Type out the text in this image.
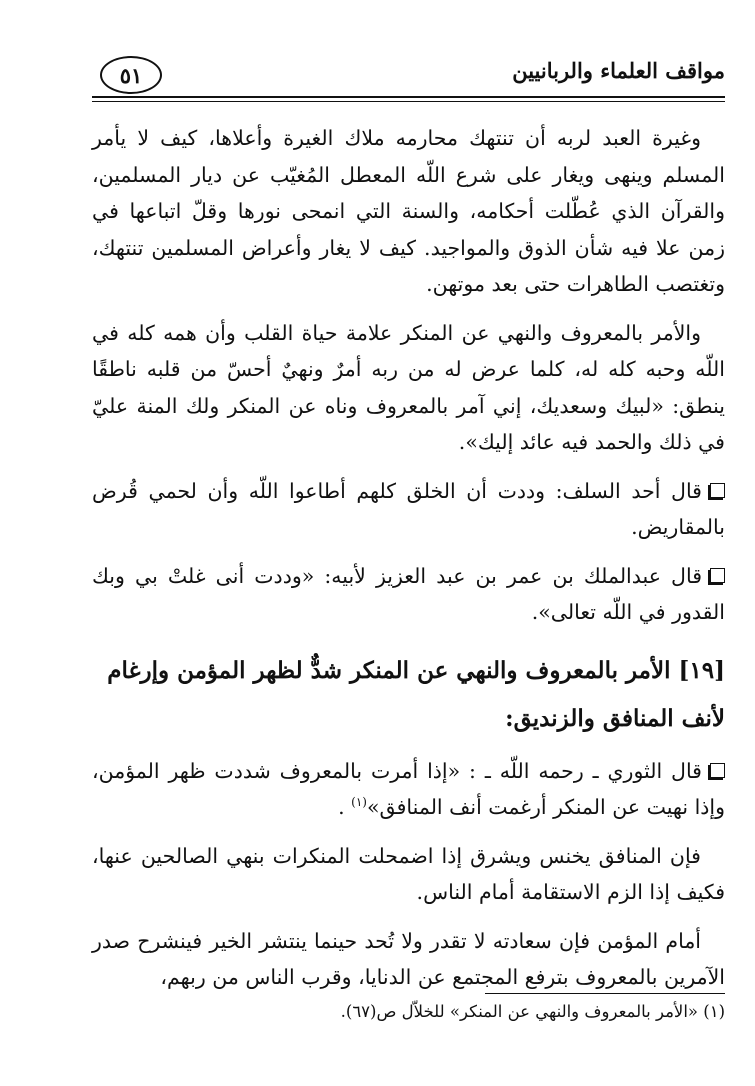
مواقف العلماء والربانيين
٥١

وغيرة العبد لربه أن تنتهك محارمه ملاك الغيرة وأعلاها، كيف لا يأمر المسلم وينهى ويغار على شرع اللّه المعطل المُغيّب عن ديار المسلمين، والقرآن الذي عُطّلت أحكامه، والسنة التي انمحى نورها وقلّ اتباعها في زمن علا فيه شأن الذوق والمواجيد. كيف لا يغار وأعراض المسلمين تنتهك، وتغتصب الطاهرات حتى بعد موتهن.

والأمر بالمعروف والنهي عن المنكر علامة حياة القلب وأن همه كله في اللّه وحبه كله له، كلما عرض له من ربه أمرٌ ونهيٌ أحسّ من قلبه ناطقًا ينطق: «لبيك وسعديك، إني آمر بالمعروف وناه عن المنكر ولك المنة عليّ في ذلك والحمد فيه عائد إليك».

قال أحد السلف: وددت أن الخلق كلهم أطاعوا اللّه وأن لحمي قُرض بالمقاريض.

قال عبدالملك بن عمر بن عبد العزيز لأبيه: «وددت أنى غلتْ بي وبك القدور في اللّه تعالى».

[١٩] الأمر بالمعروف والنهي عن المنكر شدٌّ لظهر المؤمن وإرغام لأنف المنافق والزنديق:

قال الثوري ـ رحمه اللّه ـ : «إذا أمرت بالمعروف شددت ظهر المؤمن، وإذا نهيت عن المنكر أرغمت أنف المنافق»$^{(١)}$ .

فإن المنافق يخنس ويشرق إذا اضمحلت المنكرات بنهي الصالحين عنها، فكيف إذا الزم الاستقامة أمام الناس.

أمام المؤمن فإن سعادته لا تقدر ولا تُحد حينما ينتشر الخير فينشرح صدر الآمرين بالمعروف بترفع المجتمع عن الدنايا، وقرب الناس من ربهم،

(١) «الأمر بالمعروف والنهي عن المنكر» للخلاّل ص(٦٧).
